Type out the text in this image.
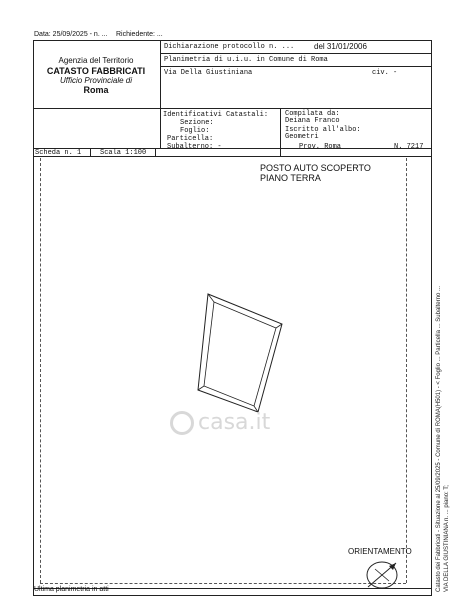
Data: 25/09/2025 - n. ... Richiedente: ...
Agenzia del Territorio
CATASTO FABBRICATI
Ufficio Provinciale di
Roma
Dichiarazione protocollo n. ... del 31/01/2006
Planimetria di u.i.u. in Comune di Roma
Via Della Giustiniana	civ. -
Identificativi Catastali:
Sezione:
Foglio:
Particella:
Subalterno: -
Compilata da:
Deiana Franco
Iscritto all'albo:
Geometri
Prov. Roma	N. 7217
Scheda n. 1	Scala 1:100
POSTO AUTO SCOPERTO
PIANO TERRA
casa.it
ORIENTAMENTO
Ultima planimetria in atti	Catasto dei Fabbricati - Situazione al 25/09/2025 - Comune di ROMA(H501) - < Foglio ... Particella ... Subalterno ... VIA DELLA GIUSTINIANA n. ... piano: T;
